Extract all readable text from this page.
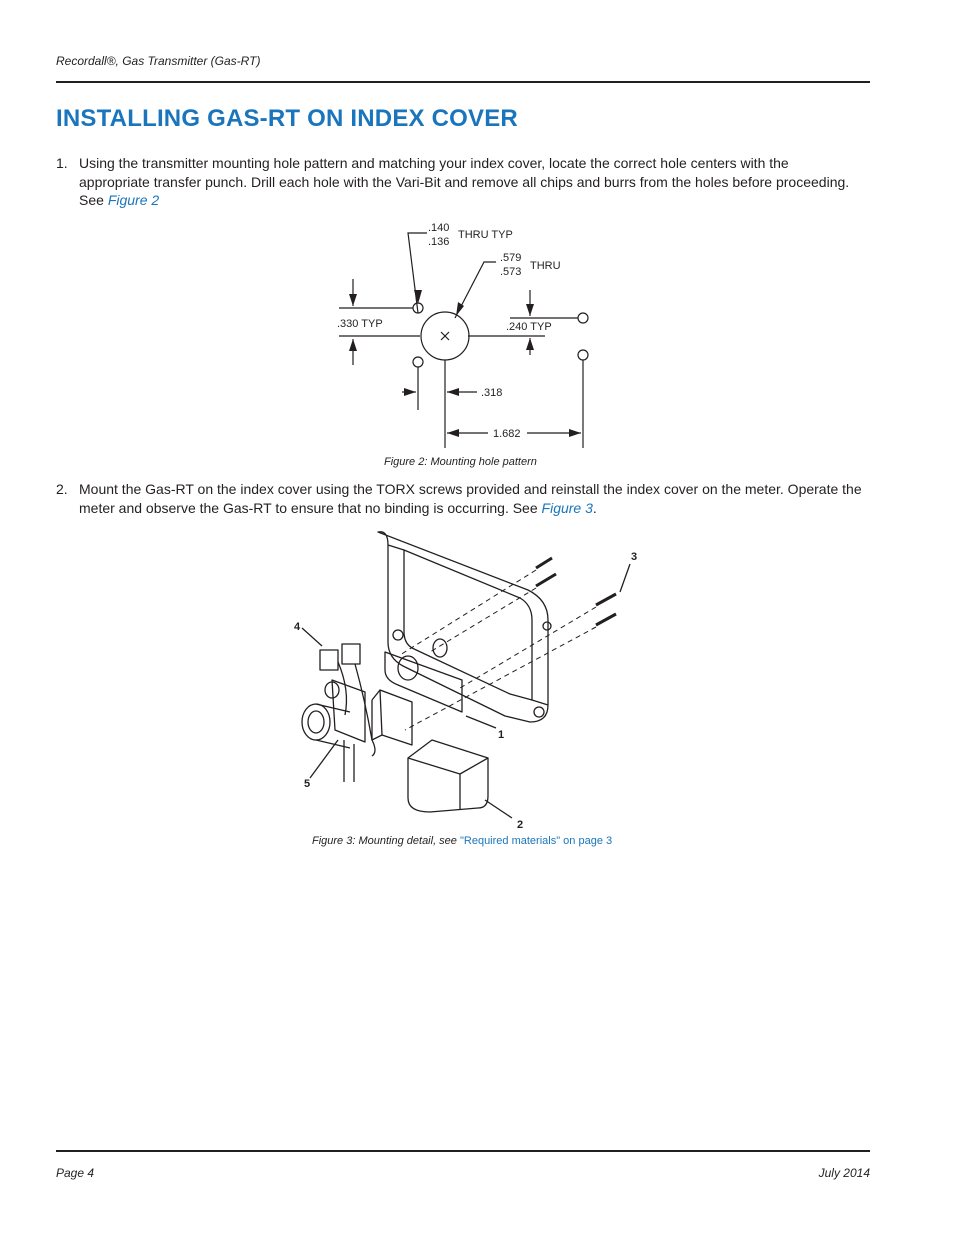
Recordall®, Gas Transmitter (Gas-RT)
INSTALLING GAS-RT ON INDEX COVER
1. Using the transmitter mounting hole pattern and matching your index cover, locate the correct hole centers with the appropriate transfer punch. Drill each hole with the Vari-Bit and remove all chips and burrs from the holes before proceeding. See Figure 2
.140
.136
THRU TYP
.579
.573 THRU
.330 TYP	.240 TYP
.318
1.682
Figure 2: Mounting hole pattern
2. Mount the Gas-RT on the index cover using the TORX screws provided and reinstall the index cover on the meter. Operate the meter and observe the Gas-RT to ensure that no binding is occurring. See Figure 3.
1
2
3
4
5
Figure 3: Mounting detail, see "Required materials" on page 3
Page 4	July 2014
